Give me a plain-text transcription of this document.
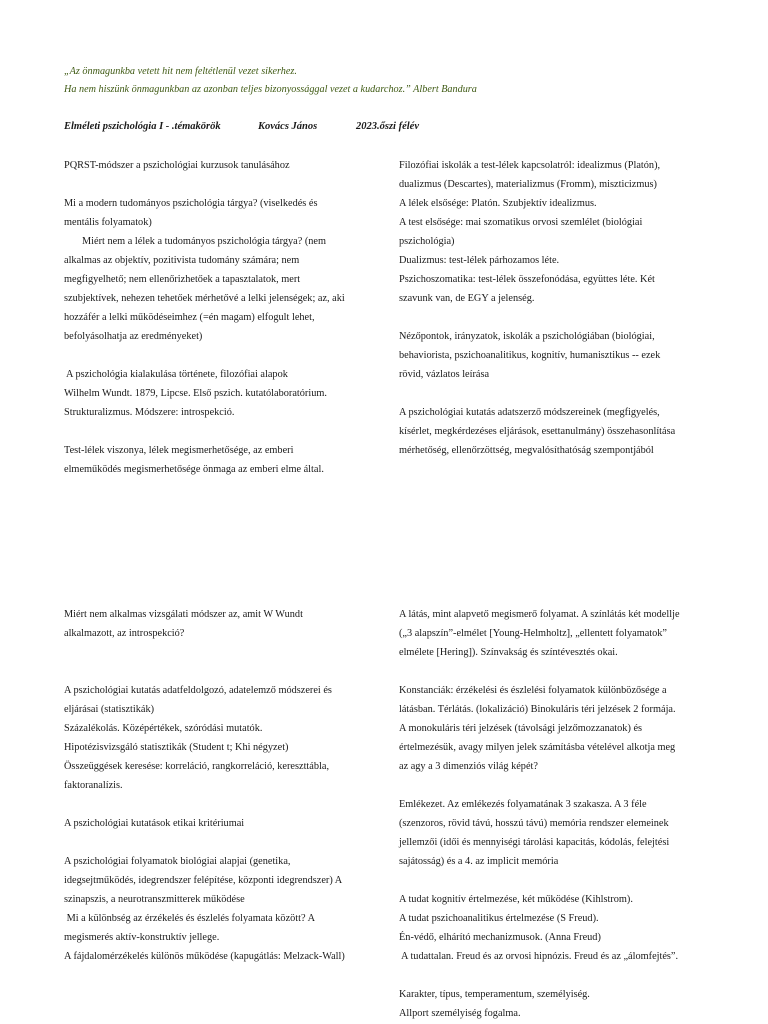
„Az önmagunkba vetett hit nem feltétlenül vezet sikerhez.
Ha nem hiszünk önmagunkban az azonban teljes bizonyossággal vezet a kudarchoz.” Albert Bandura
Elméleti pszichológia I - .témakörök	Kovács János	2023.őszi félév
PQRST-módszer a pszichológiai kurzusok tanulásához
Mi a modern tudományos pszichológia tárgya? (viselkedés és
mentális folyamatok)
Miért nem a lélek a tudományos pszichológia tárgya? (nem
alkalmas az objektív, pozitivista tudomány számára; nem
megfigyelhető; nem ellenőrizhetőek a tapasztalatok, mert
szubjektívek, nehezen tehetőek mérhetővé a lelki jelenségek; az, aki
hozzáfér a lelki működéseimhez (=én magam) elfogult lehet,
befolyásolhatja az eredményeket)
A pszichológia kialakulása története, filozófiai alapok
Wilhelm Wundt. 1879, Lipcse. Első pszich. kutatólaboratórium.
Strukturalizmus. Módszere: introspekció.
Test-lélek viszonya, lélek megismerhetősége, az emberi
elmeműködés megismerhetősége önmaga az emberi elme által.
Filozófiai iskolák a test-lélek kapcsolatról: idealizmus (Platón),
dualizmus (Descartes), materializmus (Fromm), miszticizmus)
A lélek elsősége: Platón. Szubjektív idealizmus.
A test elsősége: mai szomatikus orvosi szemlélet (biológiai
pszichológia)
Dualizmus: test-lélek párhozamos léte.
Pszichoszomatika: test-lélek összefonódása, együttes léte. Két
szavunk van, de EGY a jelenség.
Nézőpontok, irányzatok, iskolák a pszichológiában (biológiai,
behaviorista, pszichoanalitikus, kognitív, humanisztikus -- ezek
rövid, vázlatos leírása
A pszichológiai kutatás adatszerző módszereinek (megfigyelés,
kísérlet, megkérdezéses eljárások, esettanulmány) összehasonlítása
mérhetőség, ellenőrzöttség, megvalósíthatóság szempontjából
Miért nem alkalmas vizsgálati módszer az, amit W Wundt
alkalmazott, az introspekció?
A pszichológiai kutatás adatfeldolgozó, adatelemző módszerei és
eljárásai (statisztikák)
Százalékolás. Középértékek, szóródási mutatók.
Hipotézisvizsgáló statisztikák (Student t; Khi négyzet)
Összeüggések keresése: korreláció, rangkorreláció, kereszttábla,
faktoranalízis.
A pszichológiai kutatások etikai kritériumai
A pszichológiai folyamatok biológiai alapjai (genetika,
idegsejtműködés, idegrendszer felépítése, központi idegrendszer) A
szinapszis, a neurotranszmitterek működése
Mi a különbség az érzékelés és észlelés folyamata között? A
megismerés aktív-konstruktív jellege.
A fájdalomérzékelés különös működése (kapugátlás: Melzack-Wall)
A látás, mint alapvető megismerő folyamat. A színlátás két modellje
(„3 alapszín”-elmélet [Young-Helmholtz], „ellentett folyamatok”
elmélete [Hering]). Színvakság és színtévesztés okai.
Konstanciák: érzékelési és észlelési folyamatok különbözősége a
látásban. Térlátás. (lokalizáció) Binokuláris téri jelzések 2 formája.
A monokuláris téri jelzések (távolsági jelzőmozzanatok) és
értelmezésük, avagy milyen jelek számításba vételével alkotja meg
az agy a 3 dimenziós világ képét?
Emlékezet. Az emlékezés folyamatának 3 szakasza. A 3 féle
(szenzoros, rövid távú, hosszú távú) memória rendszer elemeinek
jellemzői (idői és mennyiségi tárolási kapacitás, kódolás, felejtési
sajátosság) és a 4. az implicit memória
A tudat kognitív értelmezése, két működése (Kihlstrom).
A tudat pszichoanalitikus értelmezése (S Freud).
Én-védő, elhárító mechanizmusok. (Anna Freud)
A tudattalan. Freud és az orvosi hipnózis. Freud és az „álomfejtés”.
Karakter, típus, temperamentum, személyiség.
Allport személyiség fogalma.
